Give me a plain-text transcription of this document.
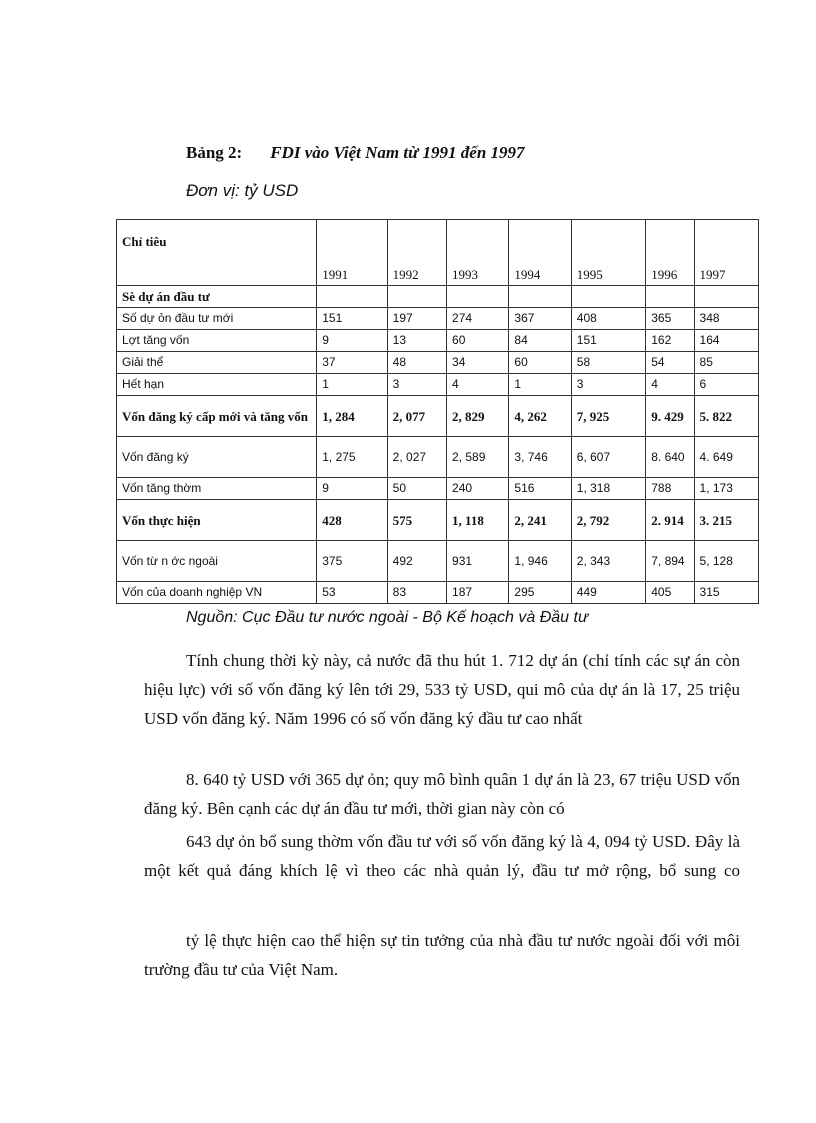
Bảng 2: FDI vào Việt Nam từ 1991 đến 1997
Đơn vị: tỷ USD
Chỉ tiêu	1991	1992	1993	1994	1995	1996	1997
Sè dự án đầu tư							
Số dự ỏn đầu tư mới	151	197	274	367	408	365	348
Lợt tăng vốn	9	13	60	84	151	162	164
Giải thể	37	48	34	60	58	54	85
Hết hạn	1	3	4	1	3	4	6
Vốn đăng ký cấp mới và tăng vốn	1, 284	2, 077	2, 829	4, 262	7, 925	9. 429	5. 822
Vốn đăng ký	1, 275	2, 027	2, 589	3, 746	6, 607	8. 640	4. 649
Vốn tăng thờm	9	50	240	516	1, 318	788	1, 173
Vốn thực hiện	428	575	1, 118	2, 241	2, 792	2. 914	3. 215
Vốn từ n ớc ngoài	375	492	931	1, 946	2, 343	7, 894	5, 128
Vốn của doanh nghiệp VN	53	83	187	295	449	405	315
Nguồn: Cục Đầu tư nước ngoài - Bộ Kế hoạch và Đầu tư
Tính chung thời kỳ này, cả nước đã thu hút 1. 712 dự án (chỉ tính các sự án còn hiệu lực) với số vốn đăng ký lên tới 29, 533 tỷ USD, qui mô của dự án là 17, 25 triệu USD vốn đăng ký. Năm 1996 có số vốn đăng ký đầu tư cao nhất
8. 640 tỷ USD với 365 dự ỏn; quy mô bình quân 1 dự án là 23, 67 triệu USD vốn đăng ký. Bên cạnh các dự án đầu tư mới, thời gian này còn có
643 dự ỏn bổ sung thờm vốn đầu tư với số vốn đăng ký là 4, 094 tỷ USD. Đây là một kết quả đáng khích lệ vì theo các nhà quản lý, đầu tư mở rộng, bổ sung co
tỷ lệ thực hiện cao thể hiện sự tin tưởng của nhà đầu tư nước ngoài đối với môi trường đầu tư của Việt Nam.
